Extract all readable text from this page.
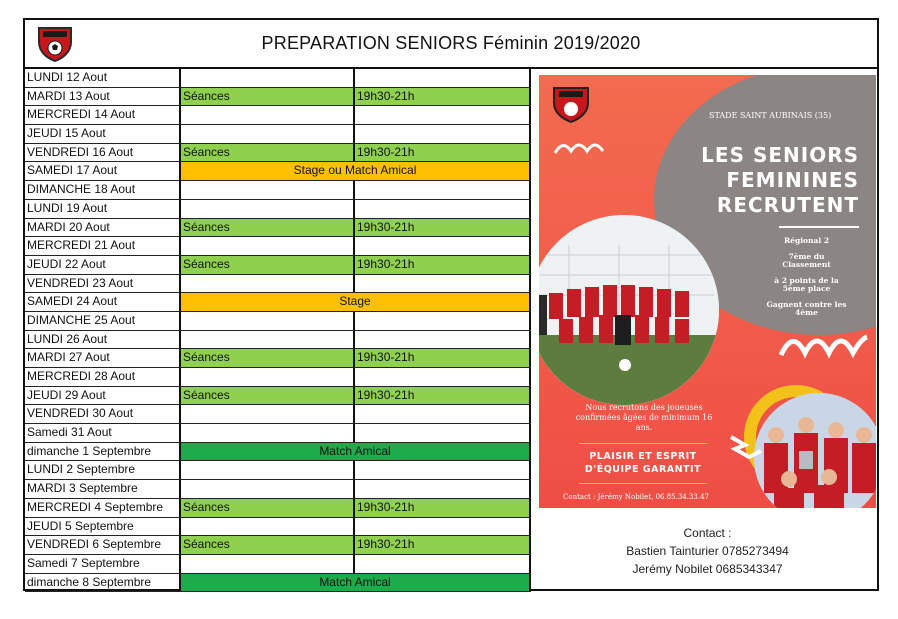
PREPARATION SENIORS Féminin 2019/2020
LUNDI 12 Aout
MARDI 13 Aout	Séances	19h30-21h
MERCREDI 14 Aout
JEUDI 15 Aout
VENDREDI 16 Aout	Séances	19h30-21h
SAMEDI 17 Aout	Stage ou Match Amical
DIMANCHE 18 Aout
LUNDI 19 Aout
MARDI 20 Aout	Séances	19h30-21h
MERCREDI 21 Aout
JEUDI 22 Aout	Séances	19h30-21h
VENDREDI 23 Aout
SAMEDI 24 Aout	Stage
DIMANCHE 25 Aout
LUNDI 26 Aout
MARDI 27 Aout	Séances	19h30-21h
MERCREDI 28 Aout
JEUDI 29 Aout	Séances	19h30-21h
VENDREDI 30 Aout
Samedi 31 Aout
dimanche 1 Septembre	Match Amical
LUNDI 2 Septembre
MARDI 3 Septembre
MERCREDI 4 Septembre	Séances	19h30-21h
JEUDI 5 Septembre
VENDREDI 6 Septembre	Séances	19h30-21h
Samedi 7 Septembre
dimanche 8 Septembre	Match Amical
STADE SAINT AUBINAIS (35)
LES SENIORS
FEMININES
RECRUTENT
Régional 2
7ème du Classement
à 2 points de la 5ème place
Gagnent contre les 4ème
Nous recrutons des joueuses confirmées âgées de minimum 16 ans.
PLAISIR ET ESPRIT
D'ÉQUIPE GARANTIT
Contact : Jérémy Nobilet, 06.85.34.33.47
Contact :
Bastien Tainturier 0785273494
Jerémy Nobilet 0685343347
